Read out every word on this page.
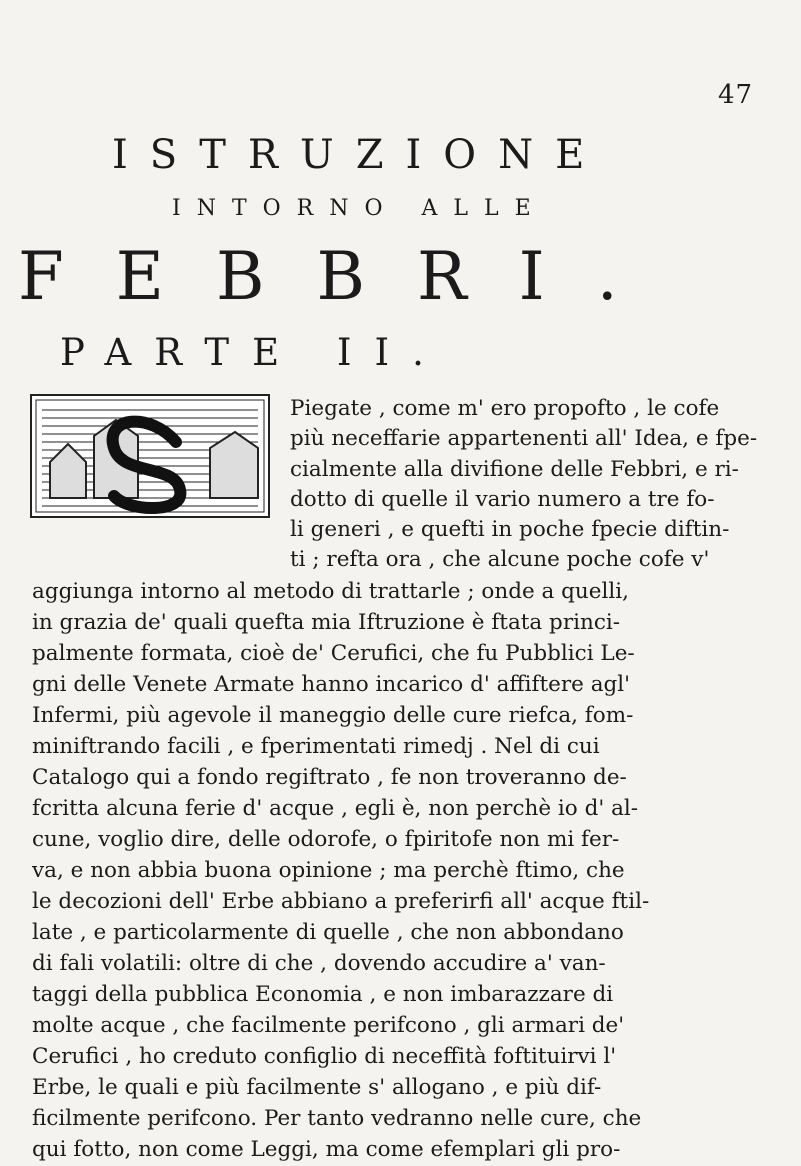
47
ISTRUZIONE
INTORNO ALLE
FEBBRI.
PARTE II.
Piegate , come m' ero propofto , le cofe
più neceffarie appartenenti all' Idea, e fpe-
cialmente alla divifione delle Febbri, e ri-
dotto di quelle il vario numero a tre fo-
li generi , e quefti in poche fpecie diftin-
ti ; refta ora , che alcune poche cofe v'
aggiunga intorno al metodo di trattarle ; onde a quelli,
in grazia de' quali quefta mia Iftruzione è ftata princi-
palmente formata, cioè de' Cerufici, che fu Pubblici Le-
gni delle Venete Armate hanno incarico d' affiftere agl'
Infermi, più agevole il maneggio delle cure riefca, fom-
miniftrando facili , e fperimentati rimedj . Nel di cui
Catalogo qui a fondo regiftrato , fe non troveranno de-
fcritta alcuna ferie d' acque , egli è, non perchè io d' al-
cune, voglio dire, delle odorofe, o fpiritofe non mi fer-
va, e non abbia buona opinione ; ma perchè ftimo, che
le decozioni dell' Erbe abbiano a preferirfi all' acque ftil-
late , e particolarmente di quelle , che non abbondano
di fali volatili: oltre di che , dovendo accudire a' van-
taggi della pubblica Economia , e non imbarazzare di
molte acque , che facilmente perifcono , gli armari de'
Cerufici , ho creduto configlio di neceffità foftituirvi l'
Erbe, le quali e più facilmente s' allogano , e più dif-
ficilmente perifcono. Per tanto vedranno nelle cure, che
qui fotto, non come Leggi, ma come efemplari gli pro-
